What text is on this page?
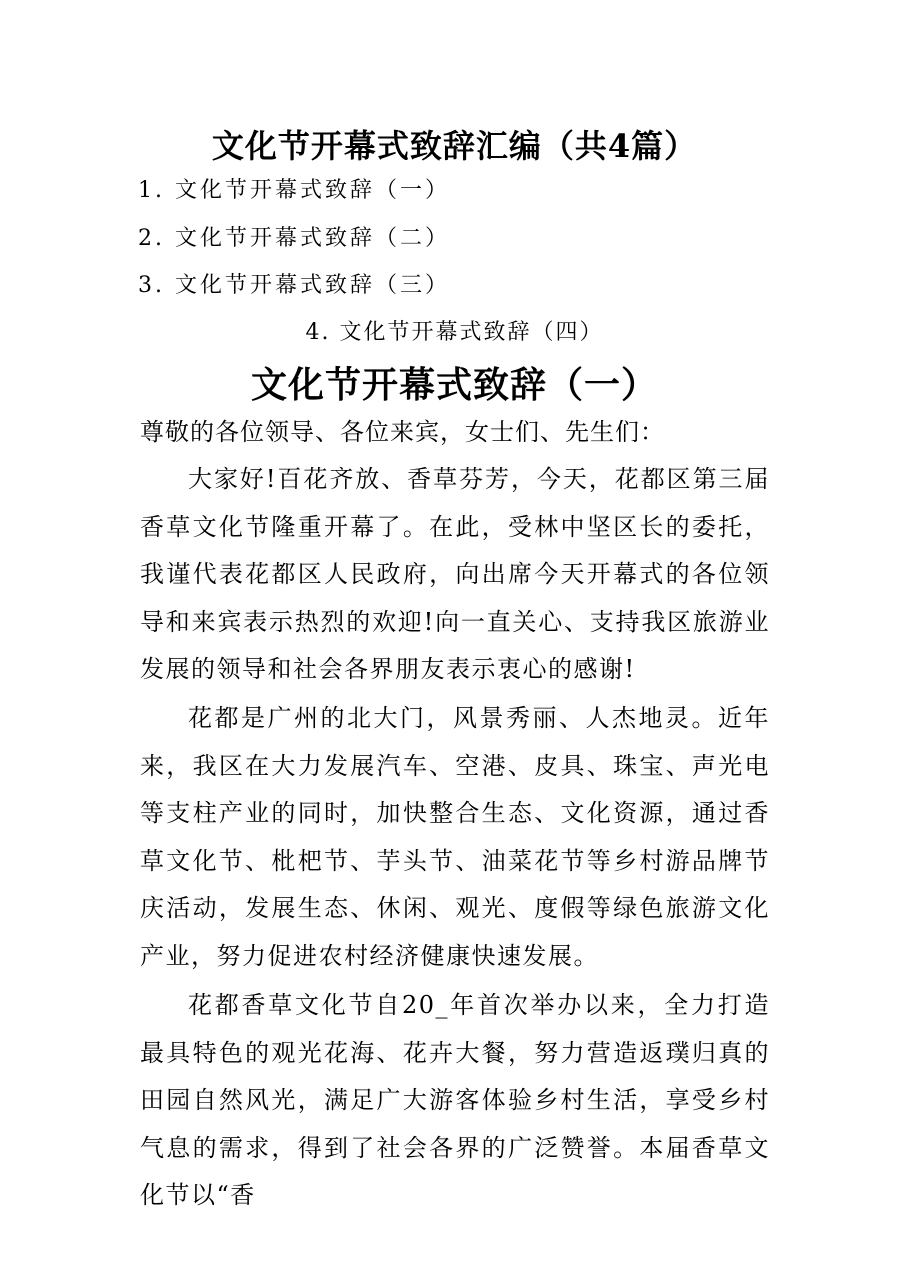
文化节开幕式致辞汇编（共4篇）

1. 文化节开幕式致辞（一）

2. 文化节开幕式致辞（二）

3. 文化节开幕式致辞（三）

4. 文化节开幕式致辞（四）

文化节开幕式致辞（一）

尊敬的各位领导、各位来宾，女士们、先生们：

大家好!百花齐放、香草芬芳，今天，花都区第三届香草文化节隆重开幕了。在此，受林中坚区长的委托，我谨代表花都区人民政府，向出席今天开幕式的各位领导和来宾表示热烈的欢迎!向一直关心、支持我区旅游业发展的领导和社会各界朋友表示衷心的感谢!

花都是广州的北大门，风景秀丽、人杰地灵。近年来，我区在大力发展汽车、空港、皮具、珠宝、声光电等支柱产业的同时，加快整合生态、文化资源，通过香草文化节、枇杷节、芋头节、油菜花节等乡村游品牌节庆活动，发展生态、休闲、观光、度假等绿色旅游文化产业，努力促进农村经济健康快速发展。

花都香草文化节自20_年首次举办以来，全力打造最具特色的观光花海、花卉大餐，努力营造返璞归真的田园自然风光，满足广大游客体验乡村生活，享受乡村气息的需求，得到了社会各界的广泛赞誉。本届香草文化节以“香
